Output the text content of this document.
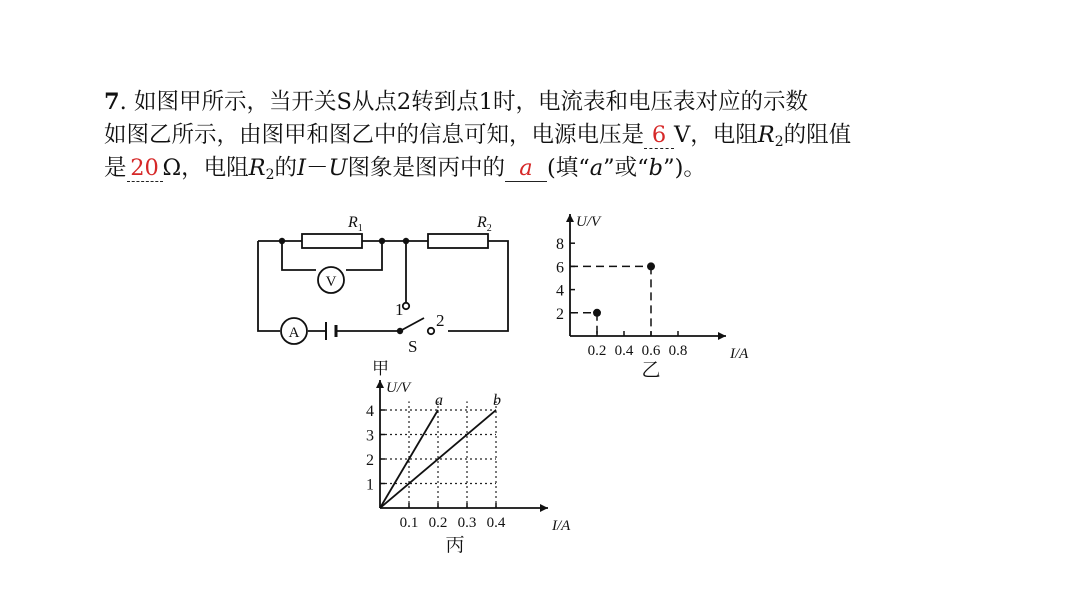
7. 如图甲所示，当开关S从点2转到点1时，电流表和电压表对应的示数

如图乙所示，由图甲和图乙中的信息可知，电源电压是 6 V，电阻$R_2$的阻值

是 20 Ω，电阻$R_2$的I－U图象是图丙中的 a (填“a”或“b”)。

$R_1$	$R_2$
V
A
1
2
S
甲
0.2 0.4 0.6 0.8
2
4
6
8
U/V
I/A
乙
0.1 0.2 0.3 0.4
1
2
3
4
U/V
I/A
丙
a	b
